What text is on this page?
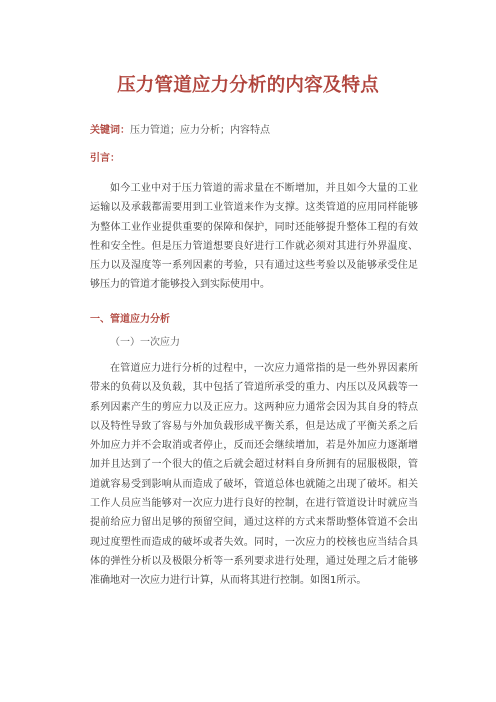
压力管道应力分析的内容及特点
关键词：压力管道；应力分析；内容特点
引言：

如今工业中对于压力管道的需求量在不断增加，并且如今大量的工业运输以及承载都需要用到工业管道来作为支撑。这类管道的应用同样能够为整体工业作业提供重要的保障和保护，同时还能够提升整体工程的有效性和安全性。但是压力管道想要良好进行工作就必须对其进行外界温度、压力以及湿度等一系列因素的考验，只有通过这些考验以及能够承受住足够压力的管道才能够投入到实际使用中。

一、管道应力分析
（一）一次应力

在管道应力进行分析的过程中，一次应力通常指的是一些外界因素所带来的负荷以及负载，其中包括了管道所承受的重力、内压以及风载等一系列因素产生的剪应力以及正应力。这两种应力通常会因为其自身的特点以及特性导致了容易与外加负载形成平衡关系，但是达成了平衡关系之后外加应力并不会取消或者停止，反而还会继续增加，若是外加应力逐渐增加并且达到了一个很大的值之后就会超过材料自身所拥有的屈服极限，管道就容易受到影响从而造成了破坏，管道总体也就随之出现了破坏。相关工作人员应当能够对一次应力进行良好的控制，在进行管道设计时就应当提前给应力留出足够的预留空间，通过这样的方式来帮助整体管道不会出现过度塑性而造成的破坏或者失效。同时，一次应力的校核也应当结合具体的弹性分析以及极限分析等一系列要求进行处理，通过处理之后才能够准确地对一次应力进行计算，从而将其进行控制。如图1所示。
